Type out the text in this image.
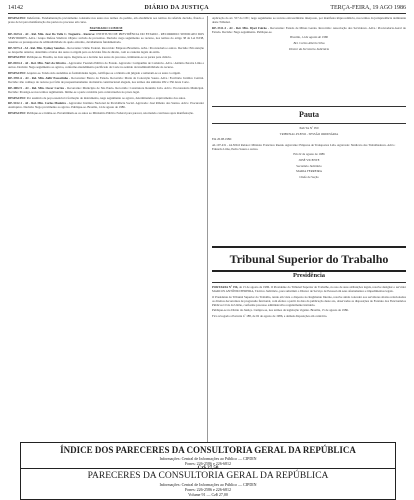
14142	DIÁRIO DA JUSTIÇA	TERÇA-FEIRA, 19 AGO 1986

DESPACHO: Indeferido. Fundamentação previamente constante nos autos nos termos do pedido, em obediência aos termos da referida decisão, fixado o prazo de lei para manifestação das partes no processo em curso.

MANDADO COMUM

RE-3423-6 - AI - Rel. Min. José Do Valle C. Nogueira - Recurso: INSTITUTO DE PREVIDÊNCIA DO ESTADO - RECORRIDO: SINDICATO DOS SERVIDORES. Advs.: Grupo Defesa Sindical. Objeto: revisão de proventos. Decisão: nego seguimento ao recurso, nos termos do artigo 38 da Lei 8.038, ausentes os pressupostos de admissibilidade do apelo extremo, devidamente fundamentado.

RE-9473-4 - AI - Rel. Min. Sydney Sanches - Recorrente: União Federal. Recorrido: Empresa Brasileira. Advs.: Procuradoria e outros. Decisão: Em atenção ao despacho anterior, determino a baixa dos autos à origem para os devidos fins de direito, com as cautelas legais de estilo.

DESPACHO: Publique-se. Brasília, na data supra. Registre-se a decisão nos autos do processo, intimando-se as partes para ciência.

RE-8104-4 - AI - Rel. Min. Néri da Silveira - Agravante: Fazenda Pública do Estado. Agravado: Companhia de Comércio. Advs.: Antônio Pereira Lima e outros. Decisão: Nego seguimento ao agravo, conforme entendimento pacificado da Corte no sentido da inadmissibilidade do recurso.

DESPACHO: Arquive-se. Tendo sido atendidas as formalidades legais, certifique-se o trânsito em julgado e remetam-se os autos à origem.

RE-3391-6 - AI - Rel. Min. Aldir Passarinho - Recorrente: Banco do Estado. Recorrido: Maria da Conceição Souza. Advs.: Escritório Jurídico Central. Decisão: não conheço do recurso por falta de prequestionamento da matéria constitucional alegada, nos termos das súmulas 282 e 356 desta Corte.

RE-4002-9 - AI - Rel. Min. Oscar Corrêa - Recorrente: Município de São Paulo. Recorrido: Construtora Reunida Ltda. Advs.: Procuradoria Municipal. Decisão: Prossiga-se nos termos regimentais. Intime-se a parte contrária para contrarrazões no prazo legal.

DESPACHO: Por ausência de peça essencial à formação do instrumento, nego seguimento ao agravo, determinando o arquivamento dos autos.

RE-5412-1 - AI - Rel. Min. Carlos Madeira - Agravante: Instituto Nacional de Previdência Social. Agravado: José Ribeiro dos Santos. Advs.: Procurador Autárquico. Decisão: Nego provimento ao agravo. Publique-se. Brasília, 14 de agosto de 1986.

DESPACHO: Publique-se e intime-se. Encaminhem-se os autos ao Ministério Público Federal para parecer, retornando conclusos após manifestação.

Aplicação do art. 557 do CPC; nego seguimento ao recurso extraordinário interposto, por manifesta improcedência, nos termos da jurisprudência dominante deste Tribunal.

RE-3311-4 - AI - Rel. Min. Djaci Falcão - Recorrente: Estado de Minas Gerais. Recorrido: Associação dos Servidores. Advs.: Procuradoria-Geral do Estado. Decisão: Nego seguimento. Publique-se.

Brasília, 14 de agosto de 1986

Bel. Carlos Alberto Silva

Diretor da Secretaria Judiciária

Pauta

PAUTA Nº 050

TRIBUNAL PLENO - SESSÃO ORDINÁRIA

Em 20.08.1986:

AI-107.431 - 44.509-6 Relator: Ministro Francisco Rezek. Agravante: Empresa de Transportes Ltda. Agravado: Sindicato dos Trabalhadores. Advs.: Eduardo Lima, Pedro Souza e outros.

Em 22 de agosto de 1986

JOSÉ VICENTE

Secretário Judiciário

MARIA FERREIRA

Chefe de Seção

Tribunal Superior do Trabalho
Presidência

PORTARIA Nº 196, de 15 de agosto de 1986. O Presidente do Tribunal Superior do Trabalho, no uso de suas atribuições legais, resolve designar o servidor MARCOS ANTÔNIO PEREIRA, Técnico Judiciário, para substituir o Diretor de Serviço de Pessoal em seus afastamentos e impedimentos legais.

O Presidente do Tribunal Superior do Trabalho, tendo em vista o disposto no Regimento Interno, resolve ainda conceder aos servidores abaixo relacionados os direitos decorrentes de progressão funcional, com efeitos a partir da data da publicação deste ato, observadas as disposições do Estatuto dos Funcionários Públicos Civis da União, conforme processo administrativo regularmente instruído.

Publique-se no Diário da Justiça. Cumpra-se, nos termos da legislação vigente. Brasília, 15 de agosto de 1986.

Fica revogada a Portaria nº 188, de 02 de agosto de 1986, e demais disposições em contrário.

ÍNDICE DOS PARECERES DA CONSULTORIA GERAL DA REPÚBLICA
Informações: Central de Informações ao Público — CIPDIN
Fones: 226-2586 e 226-6812
Cz$ 27,50
PARECERES DA CONSULTORIA GERAL DA REPÚBLICA
Informações: Central de Informações ao Público — CIPDIN
Fones: 226-2586 e 226-6812
Volume 91 — Cz$ 27,00
